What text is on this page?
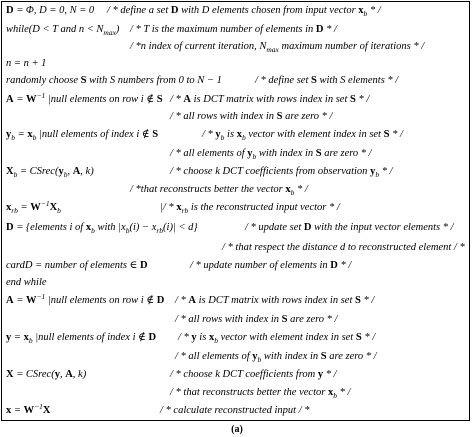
D = Φ, D = 0, N = 0 / * define a set D with D elements chosen from input vector $x_b$ * /
while(D < T and $n < N_{max}$) / * T is the maximum number of elements in D * /
/ *n index of current iteration, $N_{max}$ maximum number of iterations * /
n = n + 1
randomly choose S with S numbers from 0 to N − 1	/ * define set S with S elements * /
$A = W^{-1}$ |null elements on row i ∉ S / * A is DCT matrix with rows index in set S * /
/ * all rows with index in S are zero * /
$y_b = x_b$ |null elements of index i ∉ S	/ * $y_b$ is $x_b$ vector with element index in set S * /
/ * all elements of $y_b$ with index in S are zero * /
$X_b$ = $CSrec(y_b$, A, k)	/ * choose k DCT coefficients from observation $y_b$ * /
/ *that reconstructs better the vector $x_b$ * /
$x_{rb} = W^{-1}X_b$	|/ * $x_{rb}$ is the reconstructed input vector * /
D = {elements i of $x_b$ with $|x_b(i) - x_{rb}(i)| < d$}	/ * update set D with the input vector elements * /
/ * that respect the distance d to reconstructed element / *
cardD = number of elements ∈ D	/ * update number of elements in D * /
end while
$A = W^{-1}$ |null elements on row i ∉ D / * A is DCT matrix with rows index in set S * /
/ * all rows with index in S are zero * /
$y = x_b$ |null elements of index i ∉ D / * y is $x_b$ vector with element index in set S * /
/ * all elements of $y_b$ with index in S are zero * /
X = CSrec(y, A, k)	/ * choose k DCT coefficients from y * /
/ * that reconstructs better the vector $x_b$ * /
$x = W^{-1}X$	/ * calculate reconstructed input / *
(a)
